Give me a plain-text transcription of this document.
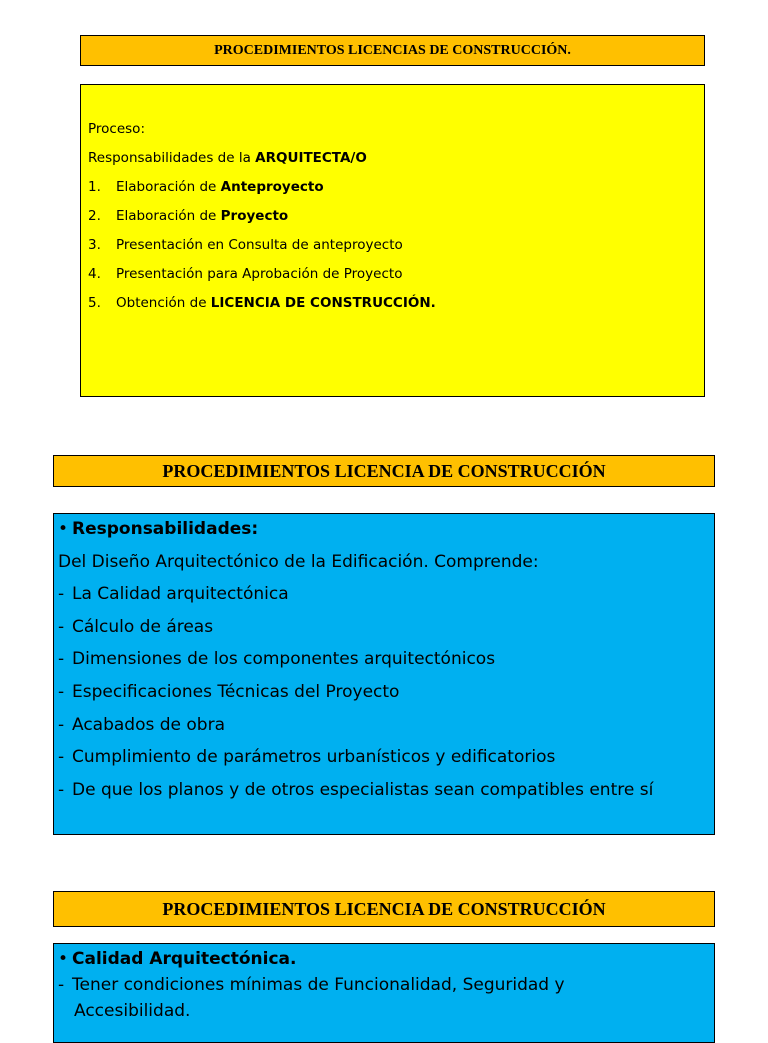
PROCEDIMIENTOS LICENCIAS DE CONSTRUCCIÓN.
Proceso:
Responsabilidades de la ARQUITECTA/O
1. Elaboración de Anteproyecto
2. Elaboración de Proyecto
3. Presentación en Consulta de anteproyecto
4. Presentación para Aprobación de Proyecto
5. Obtención de LICENCIA DE CONSTRUCCIÓN.
PROCEDIMIENTOS LICENCIA DE CONSTRUCCIÓN
• Responsabilidades:
Del Diseño Arquitectónico de la Edificación. Comprende:
- La Calidad arquitectónica
- Cálculo de áreas
- Dimensiones de los componentes arquitectónicos
- Especificaciones Técnicas del Proyecto
- Acabados de obra
- Cumplimiento de parámetros urbanísticos y edificatorios
- De que los planos y de otros especialistas sean compatibles entre sí
PROCEDIMIENTOS LICENCIA DE CONSTRUCCIÓN
• Calidad Arquitectónica.
- Tener condiciones mínimas de Funcionalidad, Seguridad y
Accesibilidad.
